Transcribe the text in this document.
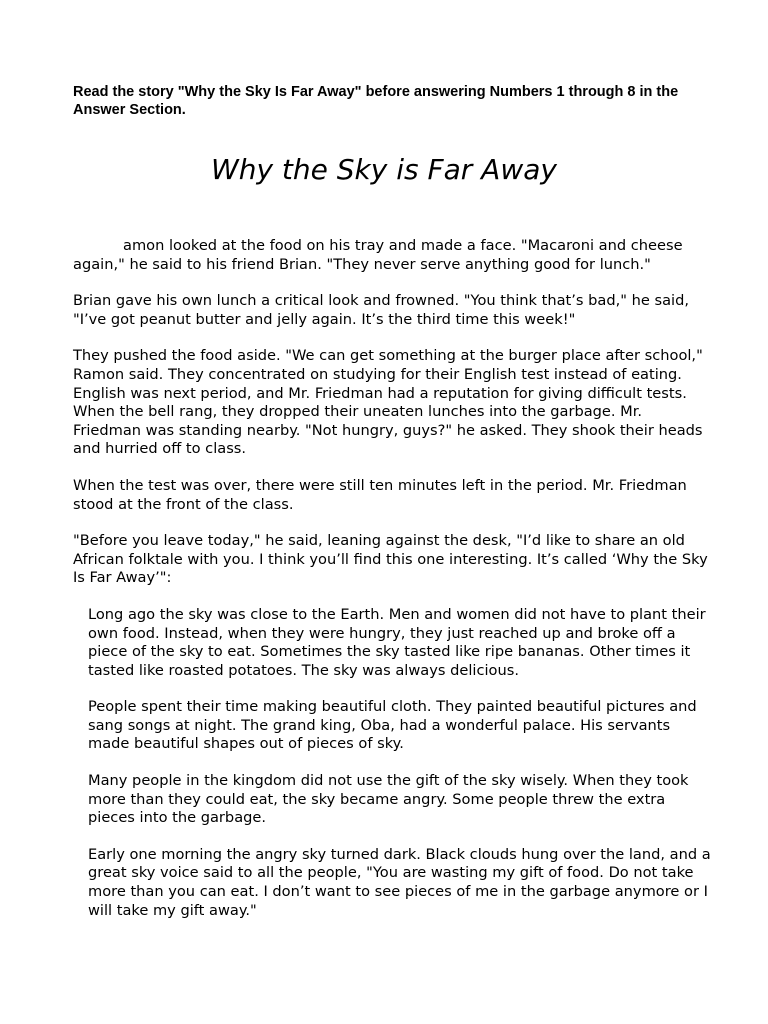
Read the story "Why the Sky Is Far Away" before answering Numbers 1 through 8 in the Answer Section.

Why the Sky is Far Away

amon looked at the food on his tray and made a face. "Macaroni and cheese again," he said to his friend Brian. "They never serve anything good for lunch."

Brian gave his own lunch a critical look and frowned. "You think that’s bad," he said, "I’ve got peanut butter and jelly again. It’s the third time this week!"

They pushed the food aside. "We can get something at the burger place after school," Ramon said. They concentrated on studying for their English test instead of eating. English was next period, and Mr. Friedman had a reputation for giving difficult tests. When the bell rang, they dropped their uneaten lunches into the garbage. Mr. Friedman was standing nearby. "Not hungry, guys?" he asked. They shook their heads and hurried off to class.

When the test was over, there were still ten minutes left in the period. Mr. Friedman stood at the front of the class.

"Before you leave today," he said, leaning against the desk, "I’d like to share an old African folktale with you. I think you’ll find this one interesting. It’s called ‘Why the Sky Is Far Away’":

Long ago the sky was close to the Earth. Men and women did not have to plant their own food. Instead, when they were hungry, they just reached up and broke off a piece of the sky to eat. Sometimes the sky tasted like ripe bananas. Other times it tasted like roasted potatoes. The sky was always delicious.

People spent their time making beautiful cloth. They painted beautiful pictures and sang songs at night. The grand king, Oba, had a wonderful palace. His servants made beautiful shapes out of pieces of sky.

Many people in the kingdom did not use the gift of the sky wisely. When they took more than they could eat, the sky became angry. Some people threw the extra pieces into the garbage.

Early one morning the angry sky turned dark. Black clouds hung over the land, and a great sky voice said to all the people, "You are wasting my gift of food. Do not take more than you can eat. I don’t want to see pieces of me in the garbage anymore or I will take my gift away."
